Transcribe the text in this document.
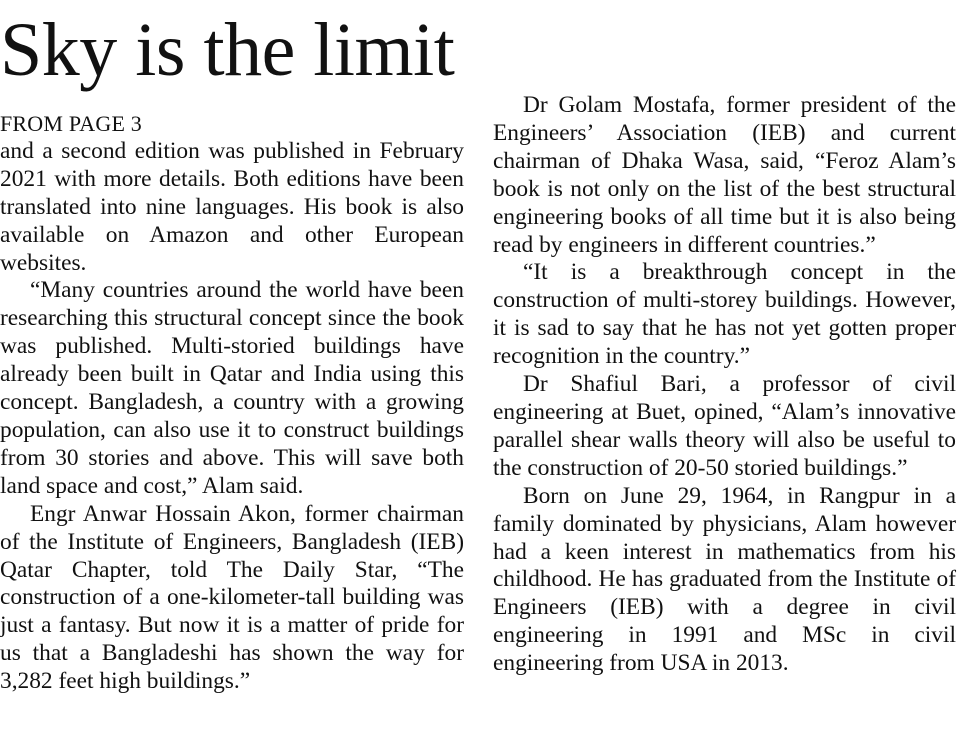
Sky is the limit

FROM PAGE 3

and a second edition was published in February 2021 with more details. Both editions have been translated into nine languages. His book is also available on Amazon and other European websites.

“Many countries around the world have been researching this structural concept since the book was published. Multi-storied buildings have already been built in Qatar and India using this concept. Bangladesh, a country with a growing population, can also use it to construct buildings from 30 stories and above. This will save both land space and cost,” Alam said.

Engr Anwar Hossain Akon, former chairman of the Institute of Engineers, Bangladesh (IEB) Qatar Chapter, told The Daily Star, “The construction of a one-kilometer-tall building was just a fantasy. But now it is a matter of pride for us that a Bangladeshi has shown the way for 3,282 feet high buildings.”

Dr Golam Mostafa, former president of the Engineers’ Association (IEB) and current chairman of Dhaka Wasa, said, “Feroz Alam’s book is not only on the list of the best structural engineering books of all time but it is also being read by engineers in different countries.”

“It is a breakthrough concept in the construction of multi-storey buildings. However, it is sad to say that he has not yet gotten proper recognition in the country.”

Dr Shafiul Bari, a professor of civil engineering at Buet, opined, “Alam’s innovative parallel shear walls theory will also be useful to the construction of 20-50 storied buildings.”

Born on June 29, 1964, in Rangpur in a family dominated by physicians, Alam however had a keen interest in mathematics from his childhood. He has graduated from the Institute of Engineers (IEB) with a degree in civil engineering in 1991 and MSc in civil engineering from USA in 2013.
